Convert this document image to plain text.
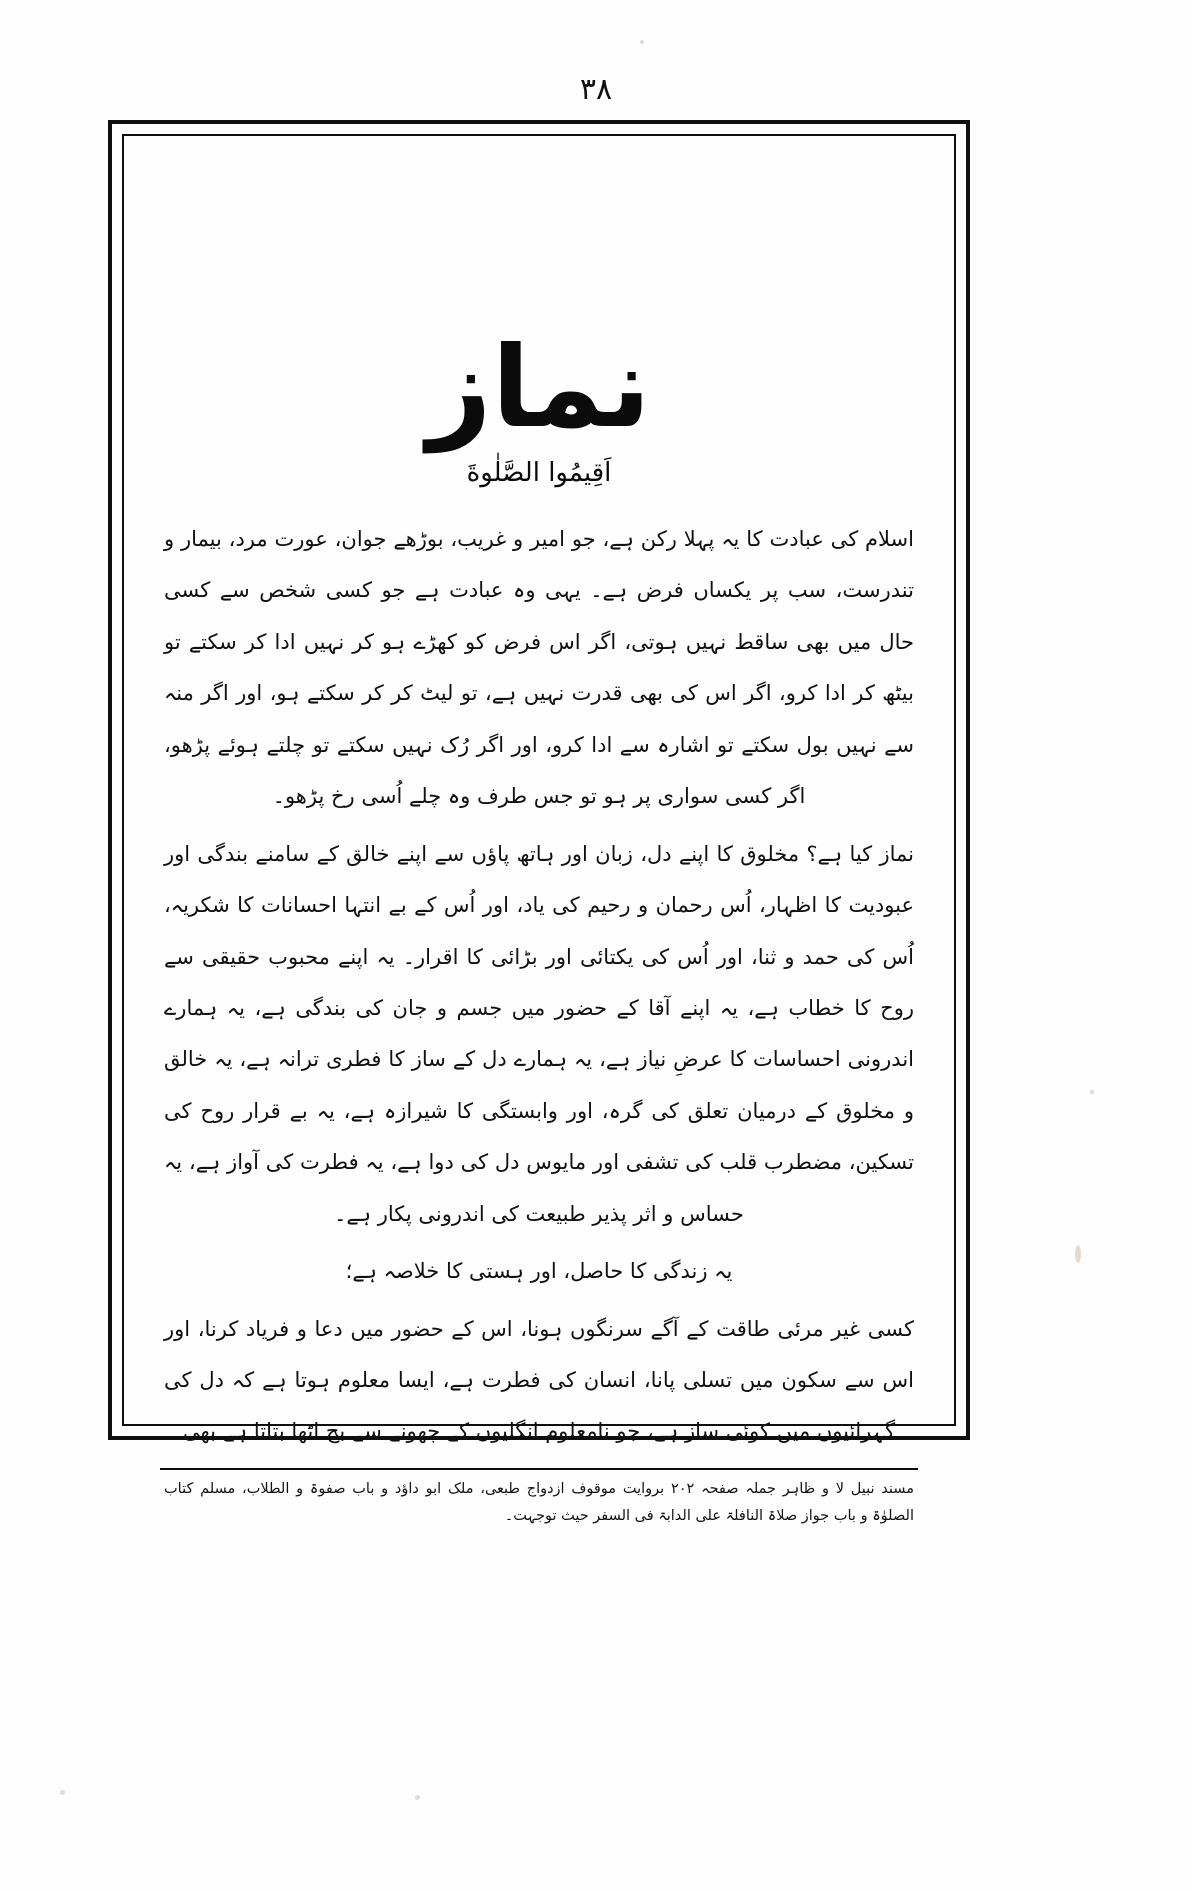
۳۸
نماز
اَقِيمُوا الصَّلٰوةَ

اسلام کی عبادت کا یہ پہلا رکن ہے، جو امیر و غریب، بوڑھے جوان، عورت مرد، بیمار و تندرست، سب پر یکساں فرض ہے۔ یہی وہ عبادت ہے جو کسی شخص سے کسی حال میں بھی ساقط نہیں ہوتی، اگر اس فرض کو کھڑے ہو کر نہیں ادا کر سکتے تو بیٹھ کر ادا کرو، اگر اس کی بھی قدرت نہیں ہے، تو لیٹ کر کر سکتے ہو، اور اگر منہ سے نہیں بول سکتے تو اشارہ سے ادا کرو، اور اگر رُک نہیں سکتے تو چلتے ہوئے پڑھو، اگر کسی سواری پر ہو تو جس طرف وہ چلے اُسی رخ پڑھو۔

نماز کیا ہے؟ مخلوق کا اپنے دل، زبان اور ہاتھ پاؤں سے اپنے خالق کے سامنے بندگی اور عبودیت کا اظہار، اُس رحمان و رحیم کی یاد، اور اُس کے بے انتہا احسانات کا شکریہ، اُس کی حمد و ثنا، اور اُس کی یکتائی اور بڑائی کا اقرار۔ یہ اپنے محبوب حقیقی سے روح کا خطاب ہے، یہ اپنے آقا کے حضور میں جسم و جان کی بندگی ہے، یہ ہمارے اندرونی احساسات کا عرضِ نیاز ہے، یہ ہمارے دل کے ساز کا فطری ترانہ ہے، یہ خالق و مخلوق کے درمیان تعلق کی گرہ، اور وابستگی کا شیرازہ ہے، یہ بے قرار روح کی تسکین، مضطرب قلب کی تشفی اور مایوس دل کی دوا ہے، یہ فطرت کی آواز ہے، یہ حساس و اثر پذیر طبیعت کی اندرونی پکار ہے۔

یہ زندگی کا حاصل، اور ہستی کا خلاصہ ہے؛

کسی غیر مرئی طاقت کے آگے سرنگوں ہونا، اس کے حضور میں دعا و فریاد کرنا، اور اس سے سکون میں تسلی پانا، انسان کی فطرت ہے، ایسا معلوم ہوتا ہے کہ دل کی گہرائیوں میں کوئی ساز ہے، جو نامعلوم انگلیوں کے چھونے سے بج اٹھا بتاتا ہے بھی

مسند نبیل لا و ظاہر جملہ صفحہ ۲۰۲ بروایت موقوف ازدواج طبعی، ملک ابو داؤد و باب صفوۃ و الطلاب، مسلم کتاب الصلوٰۃ و باب جواز صلاۃ النافلۃ علی الدابۃ فی السفر حیث توجہت۔
